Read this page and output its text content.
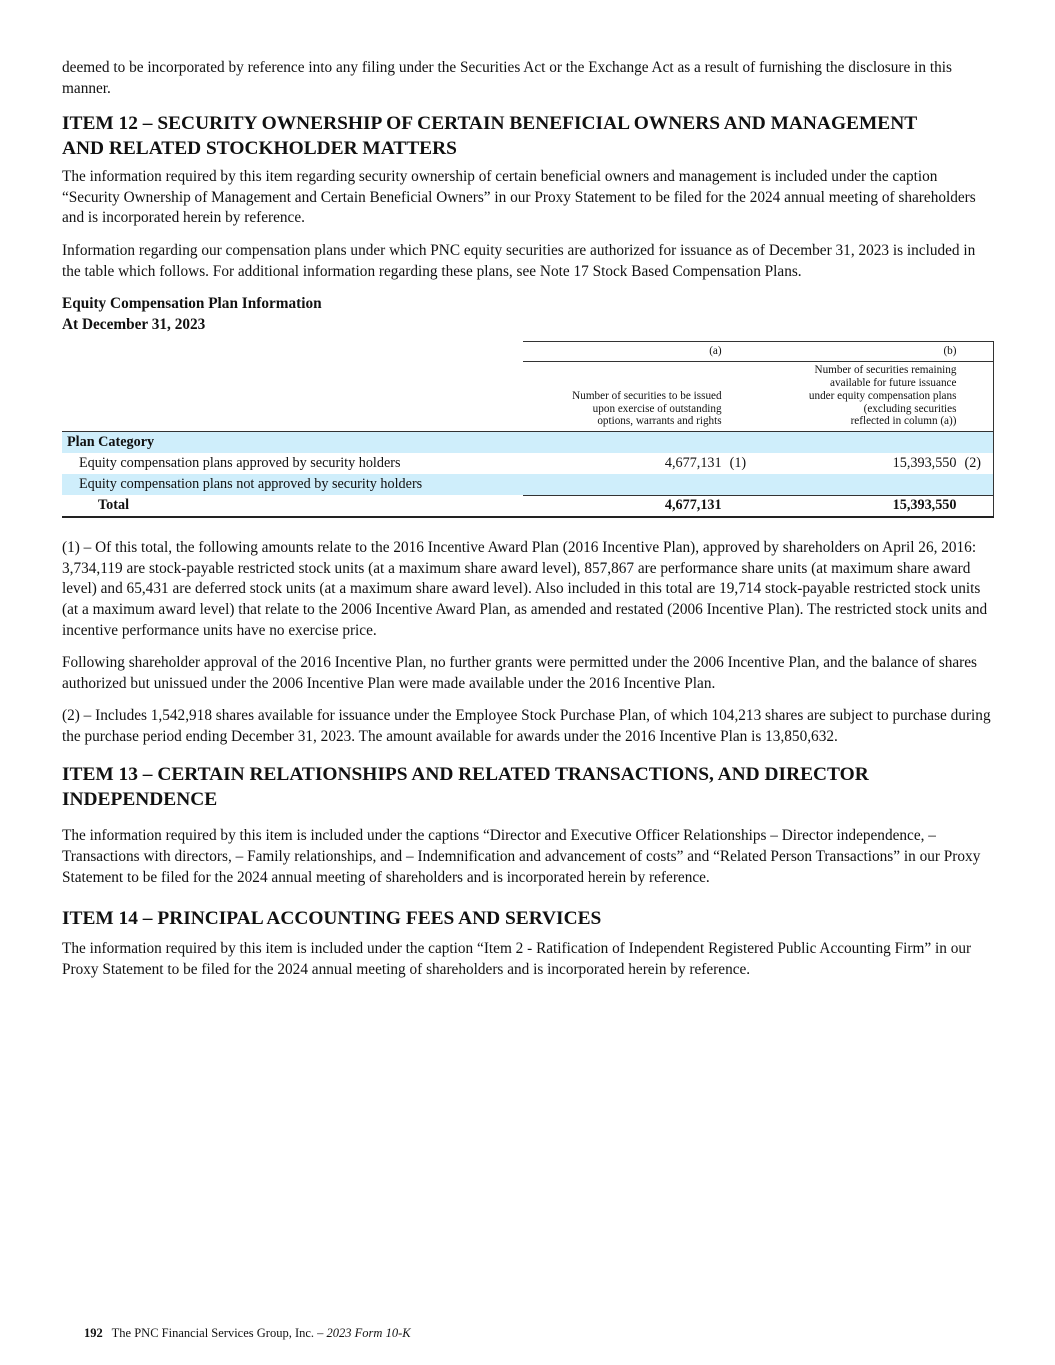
deemed to be incorporated by reference into any filing under the Securities Act or the Exchange Act as a result of furnishing the disclosure in this manner.

ITEM 12 – SECURITY OWNERSHIP OF CERTAIN BENEFICIAL OWNERS AND MANAGEMENT
AND RELATED STOCKHOLDER MATTERS

The information required by this item regarding security ownership of certain beneficial owners and management is included under the caption “Security Ownership of Management and Certain Beneficial Owners” in our Proxy Statement to be filed for the 2024 annual meeting of shareholders and is incorporated herein by reference.

Information regarding our compensation plans under which PNC equity securities are authorized for issuance as of December 31, 2023 is included in the table which follows. For additional information regarding these plans, see Note 17 Stock Based Compensation Plans.

Equity Compensation Plan Information
At December 31, 2023
	(a)		(b)	
	Number of securities to be issued
upon exercise of outstanding
options, warrants and rights		Number of securities remaining
available for future issuance
under equity compensation plans
(excluding securities
reflected in column (a))	
Plan Category				
Equity compensation plans approved by security holders	4,677,131	(1)	15,393,550	(2)
Equity compensation plans not approved by security holders				
Total	4,677,131		15,393,550	

(1) – Of this total, the following amounts relate to the 2016 Incentive Award Plan (2016 Incentive Plan), approved by shareholders on April 26, 2016: 3,734,119 are stock-payable restricted stock units (at a maximum share award level), 857,867 are performance share units (at maximum share award level) and 65,431 are deferred stock units (at a maximum share award level). Also included in this total are 19,714 stock-payable restricted stock units (at a maximum award level) that relate to the 2006 Incentive Award Plan, as amended and restated (2006 Incentive Plan). The restricted stock units and incentive performance units have no exercise price.

Following shareholder approval of the 2016 Incentive Plan, no further grants were permitted under the 2006 Incentive Plan, and the balance of shares authorized but unissued under the 2006 Incentive Plan were made available under the 2016 Incentive Plan.

(2) – Includes 1,542,918 shares available for issuance under the Employee Stock Purchase Plan, of which 104,213 shares are subject to purchase during the purchase period ending December 31, 2023. The amount available for awards under the 2016 Incentive Plan is 13,850,632.

ITEM 13 – CERTAIN RELATIONSHIPS AND RELATED TRANSACTIONS, AND DIRECTOR
INDEPENDENCE

The information required by this item is included under the captions “Director and Executive Officer Relationships – Director independence, – Transactions with directors, – Family relationships, and – Indemnification and advancement of costs” and “Related Person Transactions” in our Proxy Statement to be filed for the 2024 annual meeting of shareholders and is incorporated herein by reference.

ITEM 14 – PRINCIPAL ACCOUNTING FEES AND SERVICES

The information required by this item is included under the caption “Item 2 - Ratification of Independent Registered Public Accounting Firm” in our Proxy Statement to be filed for the 2024 annual meeting of shareholders and is incorporated herein by reference.

192 The PNC Financial Services Group, Inc. – 2023 Form 10-K
